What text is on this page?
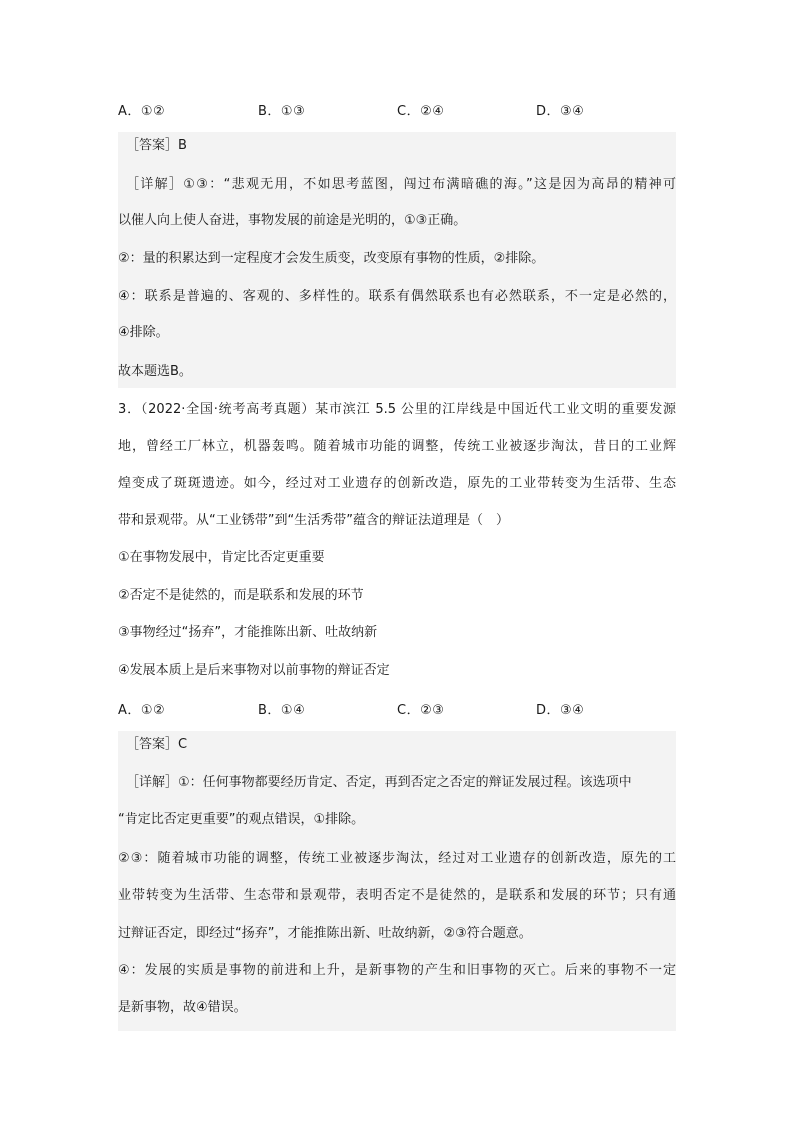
A．①②	B．①③	C．②④	D．③④
［答案］B
［详解］①③：“悲观无用，不如思考蓝图，闯过布满暗礁的海。”这是因为高昂的精神可
以催人向上使人奋进，事物发展的前途是光明的，①③正确。
②：量的积累达到一定程度才会发生质变，改变原有事物的性质，②排除。
④：联系是普遍的、客观的、多样性的。联系有偶然联系也有必然联系，不一定是必然的，
④排除。
故本题选B。
3．（2022·全国·统考高考真题）某市滨江 5.5 公里的江岸线是中国近代工业文明的重要发源
地，曾经工厂林立，机器轰鸣。随着城市功能的调整，传统工业被逐步淘汰，昔日的工业辉
煌变成了斑斑遗迹。如今，经过对工业遗存的创新改造，原先的工业带转变为生活带、生态
带和景观带。从“工业锈带”到“生活秀带”蕴含的辩证法道理是（　）
①在事物发展中，肯定比否定更重要
②否定不是徒然的，而是联系和发展的环节
③事物经过“扬弃”，才能推陈出新、吐故纳新
④发展本质上是后来事物对以前事物的辩证否定
A．①②	B．①④	C．②③	D．③④
［答案］C
［详解］①：任何事物都要经历肯定、否定，再到否定之否定的辩证发展过程。该选项中
“肯定比否定更重要”的观点错误，①排除。
②③：随着城市功能的调整，传统工业被逐步淘汰，经过对工业遗存的创新改造，原先的工
业带转变为生活带、生态带和景观带，表明否定不是徒然的，是联系和发展的环节；只有通
过辩证否定，即经过“扬弃”，才能推陈出新、吐故纳新，②③符合题意。
④：发展的实质是事物的前进和上升，是新事物的产生和旧事物的灭亡。后来的事物不一定
是新事物，故④错误。
